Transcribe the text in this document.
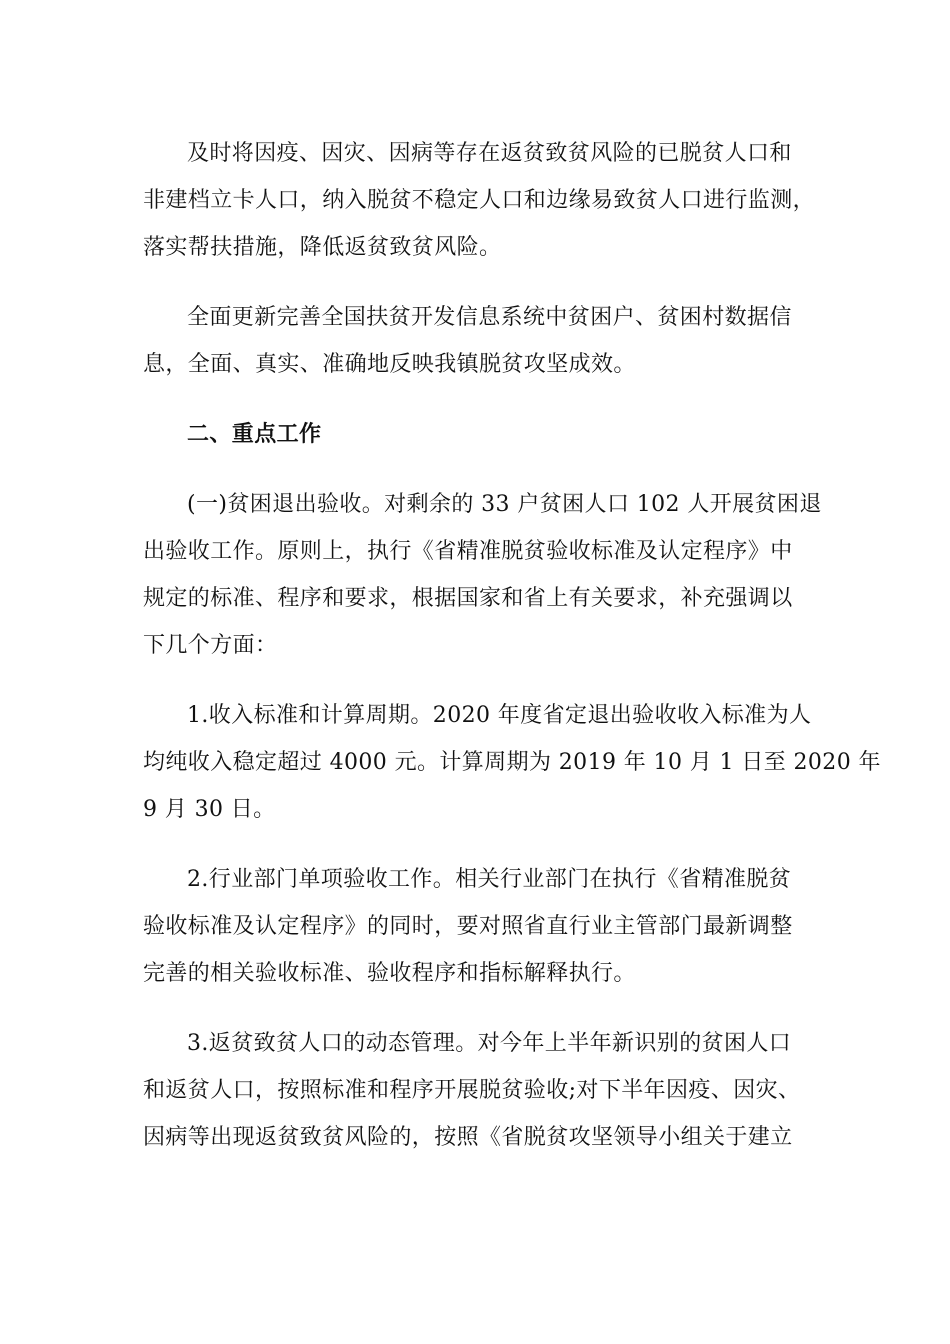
及时将因疫、因灾、因病等存在返贫致贫风险的已脱贫人口和
非建档立卡人口，纳入脱贫不稳定人口和边缘易致贫人口进行监测，
落实帮扶措施，降低返贫致贫风险。

全面更新完善全国扶贫开发信息系统中贫困户、贫困村数据信
息，全面、真实、准确地反映我镇脱贫攻坚成效。

二、重点工作

(一)贫困退出验收。对剩余的 33 户贫困人口 102 人开展贫困退
出验收工作。原则上，执行《省精准脱贫验收标准及认定程序》中
规定的标准、程序和要求，根据国家和省上有关要求，补充强调以
下几个方面：

1.收入标准和计算周期。2020 年度省定退出验收收入标准为人
均纯收入稳定超过 4000 元。计算周期为 2019 年 10 月 1 日至 2020 年
9 月 30 日。

2.行业部门单项验收工作。相关行业部门在执行《省精准脱贫
验收标准及认定程序》的同时，要对照省直行业主管部门最新调整
完善的相关验收标准、验收程序和指标解释执行。

3.返贫致贫人口的动态管理。对今年上半年新识别的贫困人口
和返贫人口，按照标准和程序开展脱贫验收;对下半年因疫、因灾、
因病等出现返贫致贫风险的，按照《省脱贫攻坚领导小组关于建立
